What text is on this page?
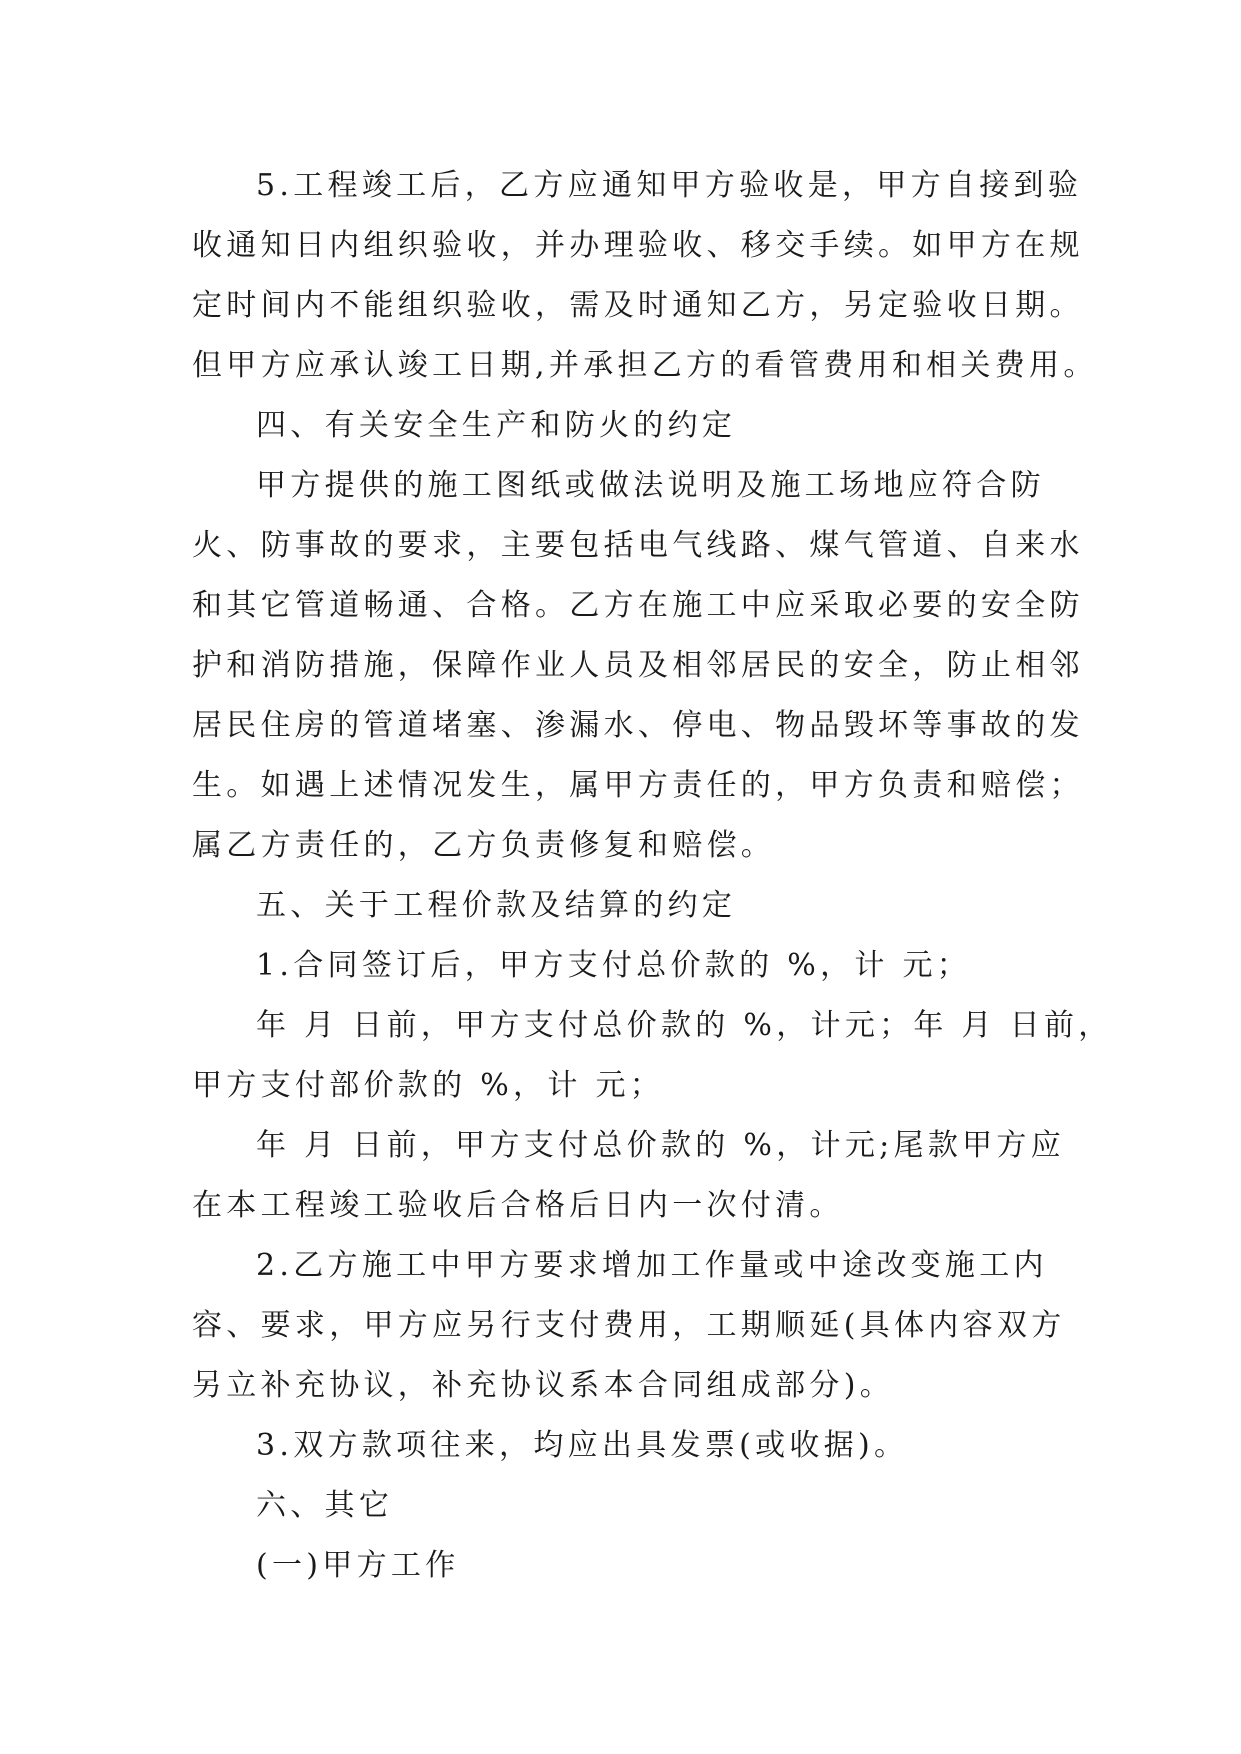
5.工程竣工后，乙方应通知甲方验收是，甲方自接到验
收通知日内组织验收，并办理验收、移交手续。如甲方在规
定时间内不能组织验收，需及时通知乙方，另定验收日期。
但甲方应承认竣工日期,并承担乙方的看管费用和相关费用。
四、有关安全生产和防火的约定
甲方提供的施工图纸或做法说明及施工场地应符合防
火、防事故的要求，主要包括电气线路、煤气管道、自来水
和其它管道畅通、合格。乙方在施工中应采取必要的安全防
护和消防措施，保障作业人员及相邻居民的安全，防止相邻
居民住房的管道堵塞、渗漏水、停电、物品毁坏等事故的发
生。如遇上述情况发生，属甲方责任的，甲方负责和赔偿；
属乙方责任的，乙方负责修复和赔偿。
五、关于工程价款及结算的约定
1.合同签订后，甲方支付总价款的 %，计 元；
年 月 日前，甲方支付总价款的 %，计元；年 月 日前，
甲方支付部价款的 %，计 元；
年 月 日前，甲方支付总价款的 %，计元;尾款甲方应
在本工程竣工验收后合格后日内一次付清。
2.乙方施工中甲方要求增加工作量或中途改变施工内
容、要求，甲方应另行支付费用，工期顺延(具体内容双方
另立补充协议，补充协议系本合同组成部分)。
3.双方款项往来，均应出具发票(或收据)。
六、其它
(一)甲方工作
